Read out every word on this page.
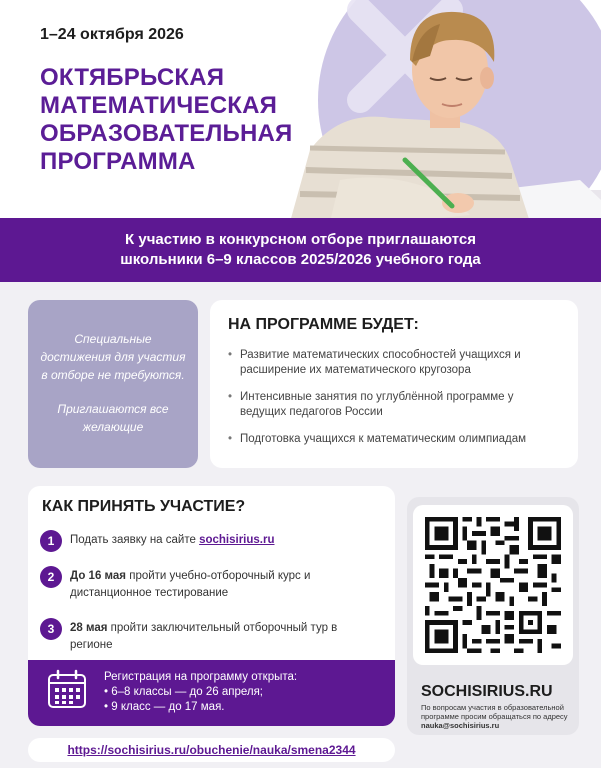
1–24 октября 2026
ОКТЯБРЬСКАЯ
МАТЕМАТИЧЕСКАЯ
ОБРАЗОВАТЕЛЬНАЯ
ПРОГРАММА
К участию в конкурсном отборе приглашаются
школьники 6–9 классов 2025/2026 учебного года

Специальные достижения для участия в отборе не требуются.

Приглашаются все желающие

НА ПРОГРАММЕ БУДЕТ:
• Развитие математических способностей учащихся и расширение их математического кругозора
• Интенсивные занятия по углублённой программе у ведущих педагогов России
• Подготовка учащихся к математическим олимпиадам
КАК ПРИНЯТЬ УЧАСТИЕ?
1	Подать заявку на сайте sochisirius.ru
2	До 16 мая пройти учебно-отборочный курс и дистанционное тестирование
3	28 мая пройти заключительный отборочный тур в регионе
Регистрация на программу открыта:
• 6–8 классы — до 26 апреля;
• 9 класс — до 17 мая.
SOCHISIRIUS.RU
По вопросам участия в образовательной программе просим обращаться по адресу nauka@sochisirius.ru
https://sochisirius.ru/obuchenie/nauka/smena2344
